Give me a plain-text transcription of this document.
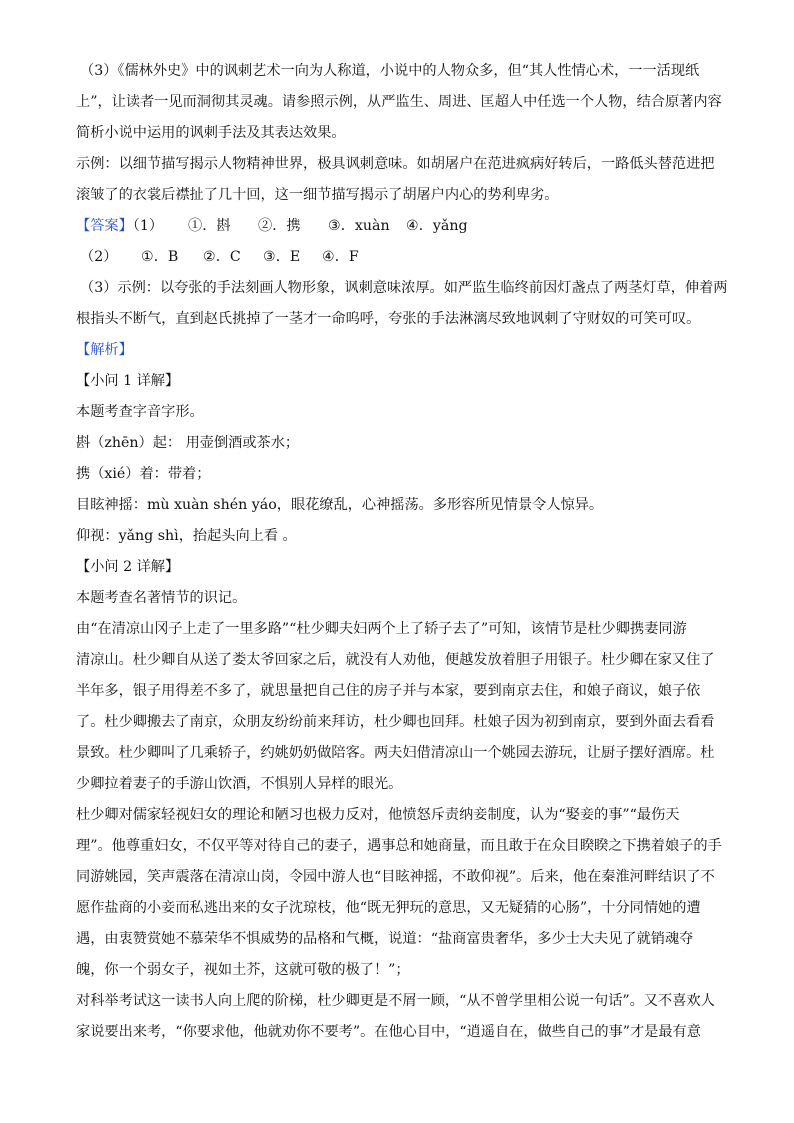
（3）《儒林外史》中的讽刺艺术一向为人称道，小说中的人物众多，但“其人性情心术，一一活现纸
上”，让读者一见而洞彻其灵魂。请参照示例，从严监生、周进、匡超人中任选一个人物，结合原著内容
简析小说中运用的讽刺手法及其表达效果。
示例：以细节描写揭示人物精神世界，极具讽刺意味。如胡屠户在范进疯病好转后，一路低头替范进把
滚皱了的衣裳后襟扯了几十回，这一细节描写揭示了胡屠户内心的势利卑劣。
【答案】（1） ①．斟 ②．携 ③．xuàn ④．yǎng
（2） ①．B ②．C ③．E ④．F
（3）示例：以夸张的手法刻画人物形象，讽刺意味浓厚。如严监生临终前因灯盏点了两茎灯草，伸着两
根指头不断气，直到赵氏挑掉了一茎才一命呜呼，夸张的手法淋漓尽致地讽刺了守财奴的可笑可叹。
【解析】
【小问 1 详解】
本题考查字音字形。
斟（zhēn）起： 用壶倒酒或茶水；
携（xié）着：带着；
目眩神摇：mù xuàn shén yáo，眼花缭乱，心神摇荡。多形容所见情景令人惊异。
仰视：yǎng shì，抬起头向上看 。
【小问 2 详解】
本题考查名著情节的识记。
由“在清凉山冈子上走了一里多路”“杜少卿夫妇两个上了轿子去了”可知，该情节是杜少卿携妻同游
清凉山。杜少卿自从送了娄太爷回家之后，就没有人劝他，便越发放着胆子用银子。杜少卿在家又住了
半年多，银子用得差不多了，就思量把自己住的房子并与本家，要到南京去住，和娘子商议，娘子依
了。杜少卿搬去了南京，众朋友纷纷前来拜访，杜少卿也回拜。杜娘子因为初到南京，要到外面去看看
景致。杜少卿叫了几乘轿子，约姚奶奶做陪客。两夫妇借清凉山一个姚园去游玩，让厨子摆好酒席。杜
少卿拉着妻子的手游山饮酒，不惧别人异样的眼光。
杜少卿对儒家轻视妇女的理论和陋习也极力反对，他愤怒斥责纳妾制度，认为“娶妾的事”“最伤天
理”。他尊重妇女，不仅平等对待自己的妻子，遇事总和她商量，而且敢于在众目睽睽之下携着娘子的手
同游姚园，笑声震落在清凉山岗，令园中游人也“目眩神摇，不敢仰视”。后来，他在秦淮河畔结识了不
愿作盐商的小妾而私逃出来的女子沈琼枝，他“既无狎玩的意思，又无疑猜的心肠”，十分同情她的遭
遇，由衷赞赏她不慕荣华不惧威势的品格和气概，说道：“盐商富贵奢华，多少士大夫见了就销魂夺
魄，你一个弱女子，视如土芥，这就可敬的极了！”；
对科举考试这一读书人向上爬的阶梯，杜少卿更是不屑一顾，“从不曾学里相公说一句话”。又不喜欢人
家说要出来考，“你要求他，他就劝你不要考”。在他心目中，“逍遥自在，做些自己的事”才是最有意
